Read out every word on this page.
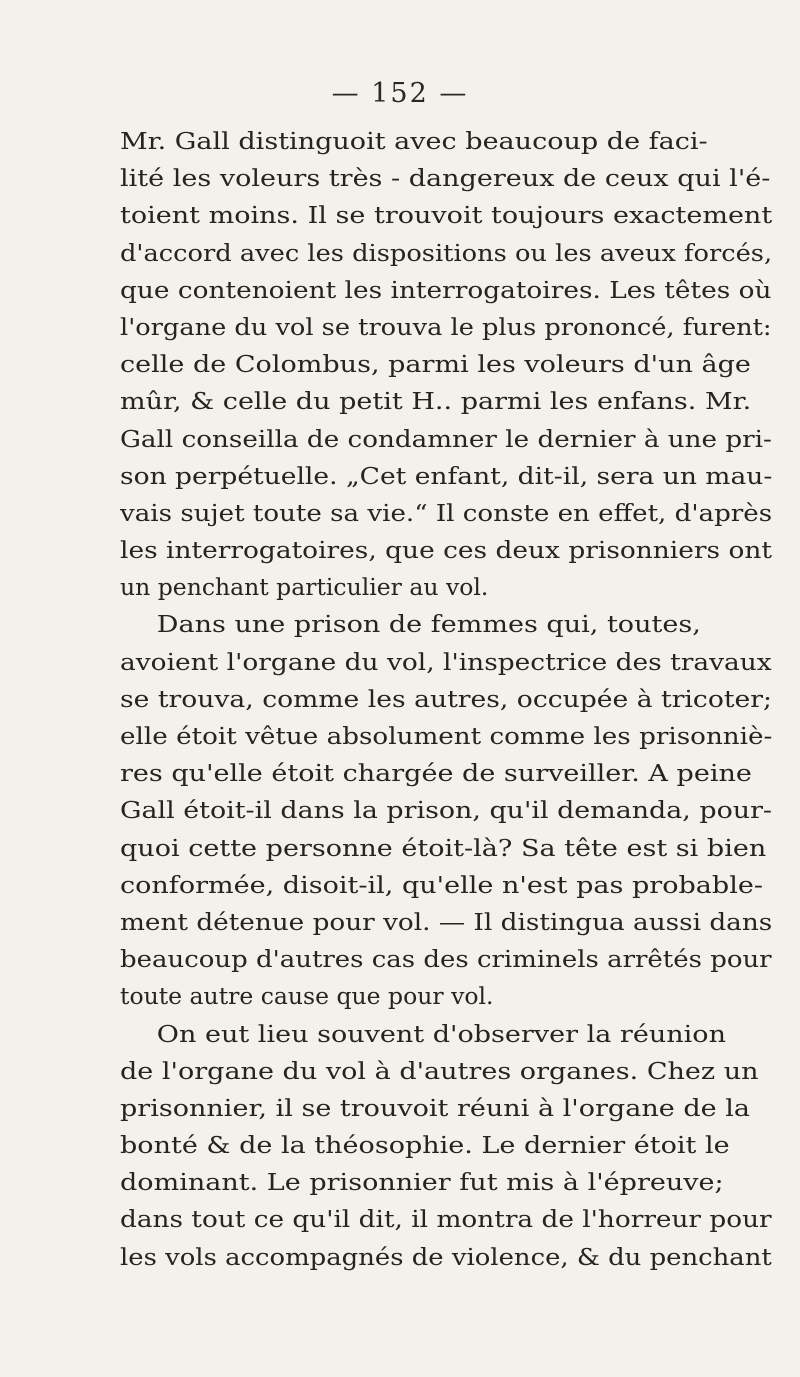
— 152 —
Mr. Gall distinguoit avec beaucoup de faci-
lité les voleurs très - dangereux de ceux qui l'é-
toient moins. Il se trouvoit toujours exactement
d'accord avec les dispositions ou les aveux forcés,
que contenoient les interrogatoires. Les têtes où
l'organe du vol se trouva le plus prononcé, furent:
celle de Colombus, parmi les voleurs d'un âge
mûr, & celle du petit H.. parmi les enfans. Mr.
Gall conseilla de condamner le dernier à une pri-
son perpétuelle. „Cet enfant, dit-il, sera un mau-
vais sujet toute sa vie.“ Il conste en effet, d'après
les interrogatoires, que ces deux prisonniers ont
un penchant particulier au vol.
Dans une prison de femmes qui, toutes,
avoient l'organe du vol, l'inspectrice des travaux
se trouva, comme les autres, occupée à tricoter;
elle étoit vêtue absolument comme les prisonniè-
res qu'elle étoit chargée de surveiller. A peine
Gall étoit-il dans la prison, qu'il demanda, pour-
quoi cette personne étoit-là? Sa tête est si bien
conformée, disoit-il, qu'elle n'est pas probable-
ment détenue pour vol. — Il distingua aussi dans
beaucoup d'autres cas des criminels arrêtés pour
toute autre cause que pour vol.
On eut lieu souvent d'observer la réunion
de l'organe du vol à d'autres organes. Chez un
prisonnier, il se trouvoit réuni à l'organe de la
bonté & de la théosophie. Le dernier étoit le
dominant. Le prisonnier fut mis à l'épreuve;
dans tout ce qu'il dit, il montra de l'horreur pour
les vols accompagnés de violence, & du penchant
